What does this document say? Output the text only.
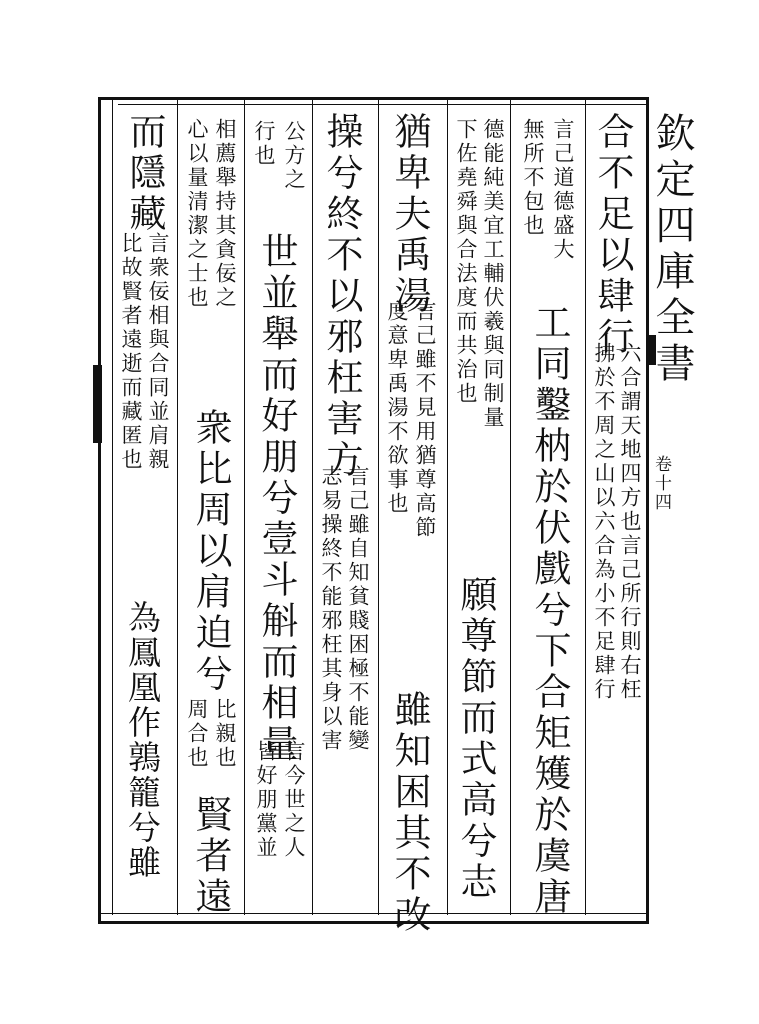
欽定四庫全書
卷十四
合不足以肆行
六合謂天地四方也言己所行則右枉
拂於不周之山以六合為小不足肆行
工同鑿枘於伏戲兮下合矩矱於虞唐
言己道德盛大
無所不包也
德能純美宜工輔伏羲與同制量
下佐堯舜與合法度而共治也
願尊節而式高兮志
猶卑夫禹湯
言己雖不見用猶尊高節
度意卑禹湯不欲事也
雖知困其不改
操兮終不以邪枉害方
言己雖自知貧賤困極不能變
志易操終不能邪枉其身以害
公方之
行也
世並舉而好朋兮壹斗斛而相量
言今世之人
皆好朋黨並
相薦舉持其貪佞之
心以量清潔之士也
衆比周以肩迫兮
比親也
周合也
賢者遠
言衆佞相與合同並肩親
比故賢者遠逝而藏匿也
而隱藏
為鳳凰作鶉籠兮雖
